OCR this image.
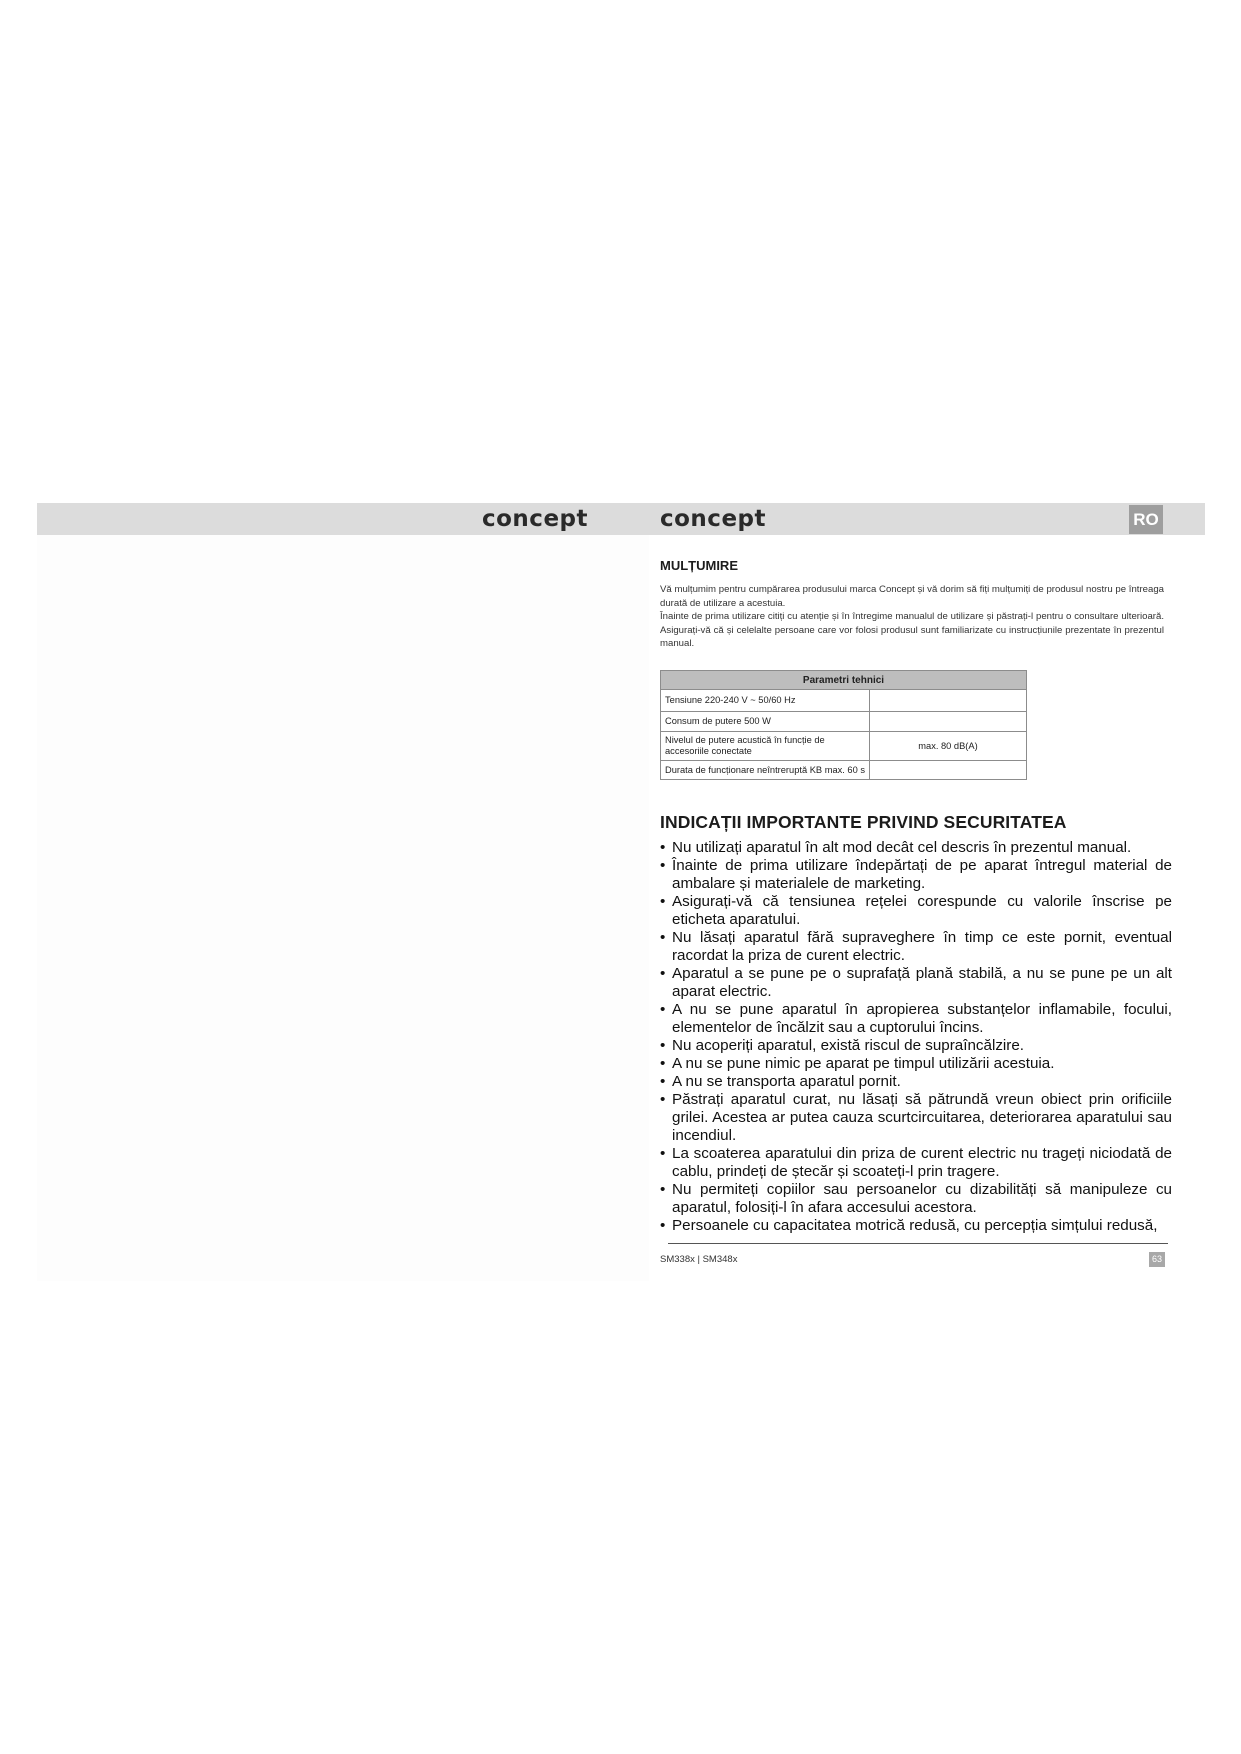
concept	concept	RO
MULȚUMIRE

Vă mulțumim pentru cumpărarea produsului marca Concept și vă dorim să fiți mulțumiți de produsul nostru pe întreaga durată de utilizare a acestuia.

Înainte de prima utilizare citiți cu atenție și în întregime manualul de utilizare și păstrați-l pentru o consultare ulterioară. Asigurați-vă că și celelalte persoane care vor folosi produsul sunt familiarizate cu instrucțiunile prezentate în prezentul manual.

Parametri tehnici	
Tensiune 220-240 V ~ 50/60 Hz	
Consum de putere 500 W	
Nivelul de putere acustică în funcție de accesoriile conectate	max. 80 dB(A)
Durata de funcționare neîntreruptă KB max. 60 s	
INDICAȚII IMPORTANTE PRIVIND SECURITATEA
• Nu utilizați aparatul în alt mod decât cel descris în prezentul manual.
• Înainte de prima utilizare îndepărtați de pe aparat întregul material de ambalare și materialele de marketing.
• Asigurați-vă că tensiunea rețelei corespunde cu valorile înscrise pe eticheta aparatului.
• Nu lăsați aparatul fără supraveghere în timp ce este pornit, eventual racordat la priza de curent electric.
• Aparatul a se pune pe o suprafață plană stabilă, a nu se pune pe un alt aparat electric.
• A nu se pune aparatul în apropierea substanțelor inflamabile, focului, elementelor de încălzit sau a cuptorului încins.
• Nu acoperiți aparatul, există riscul de supraîncălzire.
• A nu se pune nimic pe aparat pe timpul utilizării acestuia.
• A nu se transporta aparatul pornit.
• Păstrați aparatul curat, nu lăsați să pătrundă vreun obiect prin orificiile grilei. Acestea ar putea cauza scurtcircuitarea, deteriorarea aparatului sau incendiul.
• La scoaterea aparatului din priza de curent electric nu trageți niciodată de cablu, prindeți de ștecăr și scoateți-l prin tragere.
• Nu permiteți copiilor sau persoanelor cu dizabilități să manipuleze cu aparatul, folosiți-l în afara accesului acestora.
• Persoanele cu capacitatea motrică redusă, cu percepția simțului redusă,
SM338x | SM348x	63
